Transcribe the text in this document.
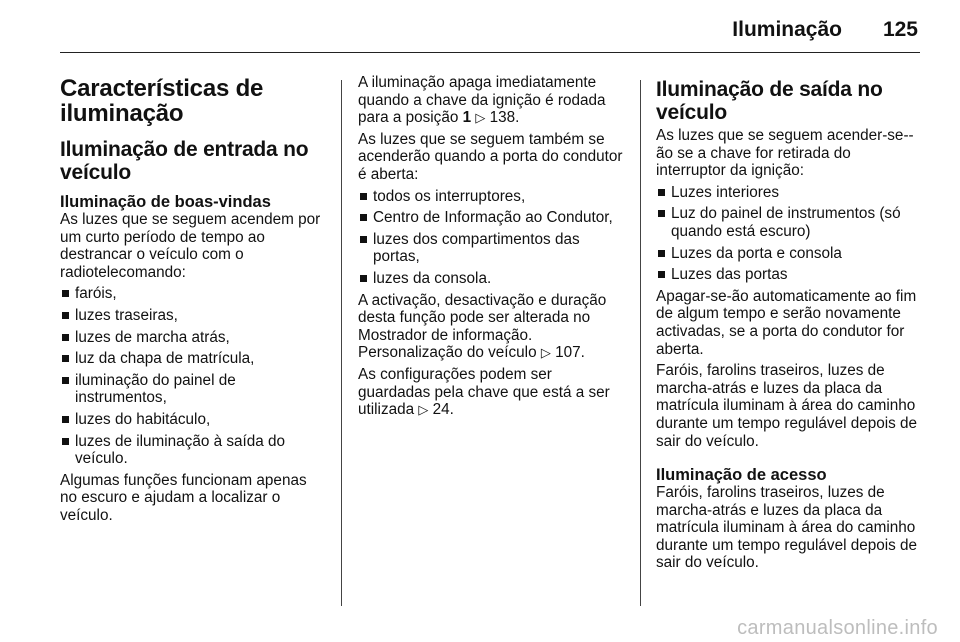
Iluminação 125
Características de iluminação
Iluminação de entrada no veículo
Iluminação de boas-vindas

As luzes que se seguem acendem por um curto período de tempo ao destrancar o veículo com o radiotelecomando:

faróis,
luzes traseiras,
luzes de marcha atrás,
luz da chapa de matrícula,
iluminação do painel de instrumentos,
luzes do habitáculo,
luzes de iluminação à saída do veículo.

Algumas funções funcionam apenas no escuro e ajudam a localizar o veículo.

A iluminação apaga imediatamente quando a chave da ignição é rodada para a posição 1 ▷ 138.

As luzes que se seguem também se acenderão quando a porta do condutor é aberta:

todos os interruptores,
Centro de Informação ao Condutor,
luzes dos compartimentos das portas,
luzes da consola.

A activação, desactivação e duração desta função pode ser alterada no Mostrador de informação.
Personalização do veículo ▷ 107.

As configurações podem ser guardadas pela chave que está a ser utilizada ▷ 24.

Iluminação de saída no veículo

As luzes que se seguem acender-se--ão se a chave for retirada do interruptor da ignição:

Luzes interiores
Luz do painel de instrumentos (só quando está escuro)
Luzes da porta e consola
Luzes das portas

Apagar-se-ão automaticamente ao fim de algum tempo e serão novamente activadas, se a porta do condutor for aberta.

Faróis, farolins traseiros, luzes de marcha-atrás e luzes da placa da matrícula iluminam à área do caminho durante um tempo regulável depois de sair do veículo.

Iluminação de acesso

Faróis, farolins traseiros, luzes de marcha-atrás e luzes da placa da matrícula iluminam à área do caminho durante um tempo regulável depois de sair do veículo.

carmanualsonline.info
